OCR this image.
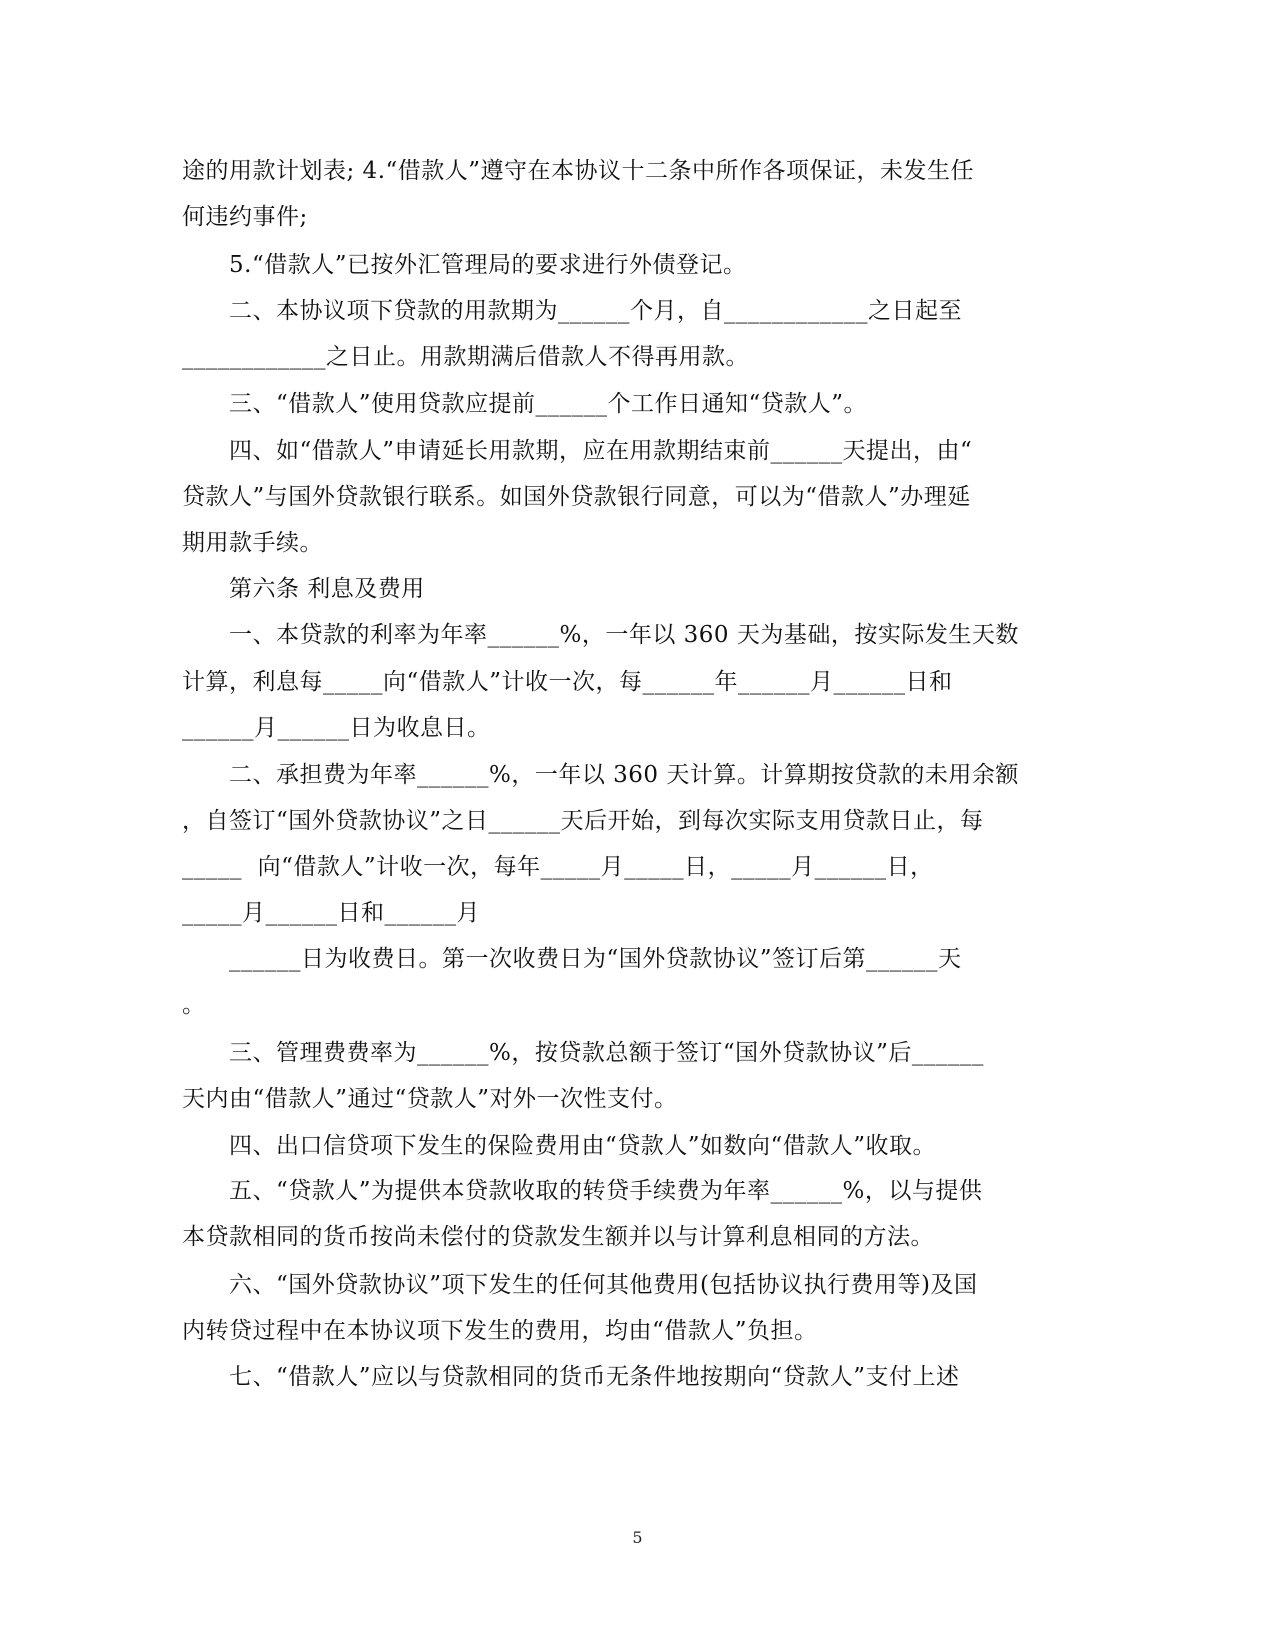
途的用款计划表; 4.“借款人”遵守在本协议十二条中所作各项保证，未发生任
何违约事件;
5.“借款人”已按外汇管理局的要求进行外债登记。
二、本协议项下贷款的用款期为______个月，自____________之日起至
____________之日止。用款期满后借款人不得再用款。
三、“借款人”使用贷款应提前______个工作日通知“贷款人”。
四、如“借款人”申请延长用款期，应在用款期结束前______天提出，由“
贷款人”与国外贷款银行联系。如国外贷款银行同意，可以为“借款人”办理延
期用款手续。
第六条 利息及费用
一、本贷款的利率为年率______%，一年以 360 天为基础，按实际发生天数
计算，利息每_____向“借款人”计收一次，每______年______月______日和
______月______日为收息日。
二、承担费为年率______%，一年以 360 天计算。计算期按贷款的未用余额
，自签订“国外贷款协议”之日______天后开始，到每次实际支用贷款日止，每
_____  向“借款人”计收一次，每年_____月_____日，_____月______日，
_____月______日和______月
______日为收费日。第一次收费日为“国外贷款协议”签订后第______天
。
三、管理费费率为______%，按贷款总额于签订“国外贷款协议”后______
天内由“借款人”通过“贷款人”对外一次性支付。
四、出口信贷项下发生的保险费用由“贷款人”如数向“借款人”收取。
五、“贷款人”为提供本贷款收取的转贷手续费为年率______%，以与提供
本贷款相同的货币按尚未偿付的贷款发生额并以与计算利息相同的方法。
六、“国外贷款协议”项下发生的任何其他费用(包括协议执行费用等)及国
内转贷过程中在本协议项下发生的费用，均由“借款人”负担。
七、“借款人”应以与贷款相同的货币无条件地按期向“贷款人”支付上述
5
